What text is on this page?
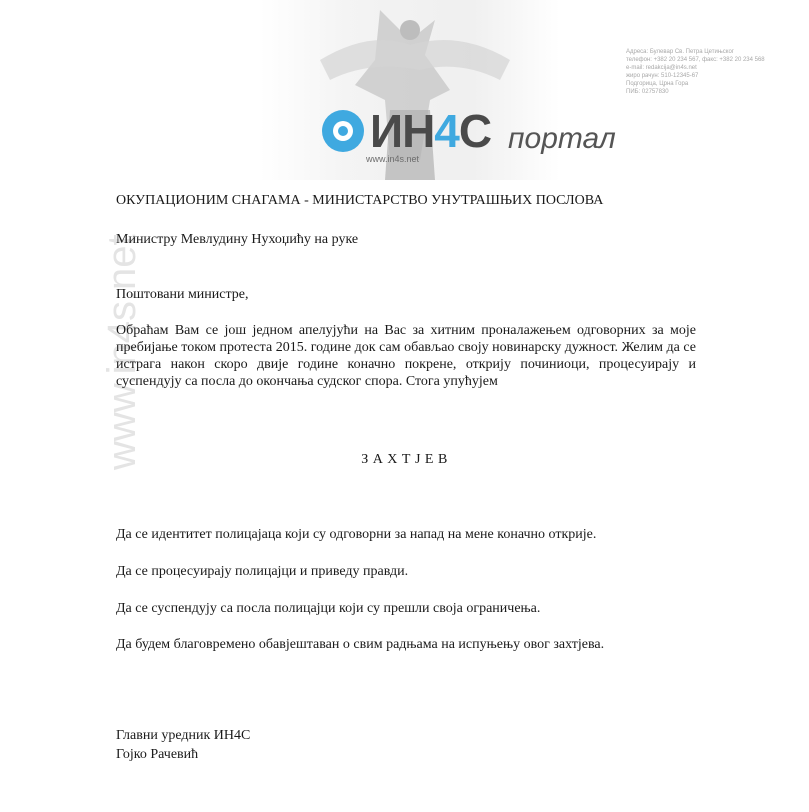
ИН4С портал
www.in4s.net
Адреса: Булевар Св. Петра Цетињског
телефон: +382 20 234 567, факс: +382 20 234 568
e-mail: redakcija@in4s.net
жиро рачун: 510-12345-67
Подгорица, Црна Гора
ПИБ: 02757830
www.in4s.net
ОКУПАЦИОНИМ СНАГАМА - МИНИСТАРСТВО УНУТРАШЊИХ ПОСЛОВА
Министру Мевлудину Нухоџићу на руке
Поштовани министре,
Обраћам Вам се још једном апелујући на Вас за хитним проналажењем одговорних за моје пребијање током протеста 2015. године док сам обављао своју новинарску дужност. Желим да се истрага након скоро двије године коначно покрене, открију починиоци, процесуирају и суспендују са посла до окончања судског спора. Стога упућујем
З А Х Т Ј Е В
Да се идентитет полицајаца који су одговорни за напад на мене коначно открије.
Да се процесуирају полицајци и приведу правди.
Да се суспендују са посла полицајци који су прешли своја ограничења.
Да будем благовремено обавјештаван о свим радњама на испуњењу овог захтјева.
Главни уредник ИН4С
Гојко Рачевић
